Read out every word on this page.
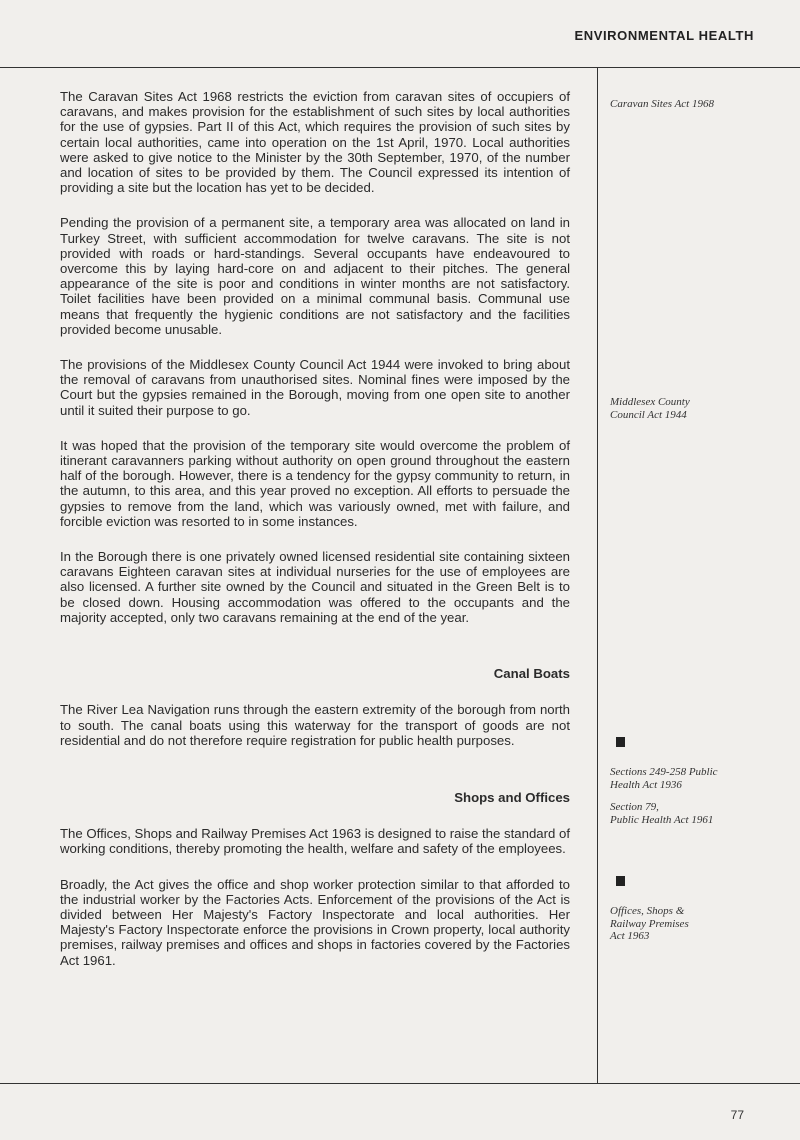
ENVIRONMENTAL HEALTH

The Caravan Sites Act 1968 restricts the eviction from caravan sites of occupiers of caravans, and makes provision for the establishment of such sites by local authorities for the use of gypsies. Part II of this Act, which requires the provision of such sites by certain local authorities, came into operation on the 1st April, 1970. Local authorities were asked to give notice to the Minister by the 30th September, 1970, of the number and location of sites to be provided by them. The Council expressed its intention of providing a site but the location has yet to be decided.

Pending the provision of a permanent site, a temporary area was allocated on land in Turkey Street, with sufficient accommodation for twelve caravans. The site is not provided with roads or hard-standings. Several occupants have endeavoured to overcome this by laying hard-core on and adjacent to their pitches. The general appearance of the site is poor and conditions in winter months are not satisfactory. Toilet facilities have been provided on a minimal communal basis. Communal use means that frequently the hygienic conditions are not satisfactory and the facilities provided become unusable.

The provisions of the Middlesex County Council Act 1944 were invoked to bring about the removal of caravans from unauthorised sites. Nominal fines were imposed by the Court but the gypsies remained in the Borough, moving from one open site to another until it suited their purpose to go.

It was hoped that the provision of the temporary site would overcome the problem of itinerant caravanners parking without authority on open ground throughout the eastern half of the borough. However, there is a tendency for the gypsy community to return, in the autumn, to this area, and this year proved no exception. All efforts to persuade the gypsies to remove from the land, which was variously owned, met with failure, and forcible eviction was resorted to in some instances.

In the Borough there is one privately owned licensed residential site containing sixteen caravans Eighteen caravan sites at individual nurseries for the use of employees are also licensed. A further site owned by the Council and situated in the Green Belt is to be closed down. Housing accommodation was offered to the occupants and the majority accepted, only two caravans remaining at the end of the year.

Canal Boats

The River Lea Navigation runs through the eastern extremity of the borough from north to south. The canal boats using this waterway for the transport of goods are not residential and do not therefore require registration for public health purposes.

Shops and Offices

The Offices, Shops and Railway Premises Act 1963 is designed to raise the standard of working conditions, thereby promoting the health, welfare and safety of the employees.

Broadly, the Act gives the office and shop worker protection similar to that afforded to the industrial worker by the Factories Acts. Enforcement of the provisions of the Act is divided between Her Majesty's Factory Inspectorate and local authorities. Her Majesty's Factory Inspectorate enforce the provisions in Crown property, local authority premises, railway premises and offices and shops in factories covered by the Factories Act 1961.

Caravan Sites Act 1968
Middlesex County
Council Act 1944
Sections 249-258 Public
Health Act 1936
Section 79,
Public Health Act 1961
Offices, Shops &
Railway Premises
Act 1963
77
